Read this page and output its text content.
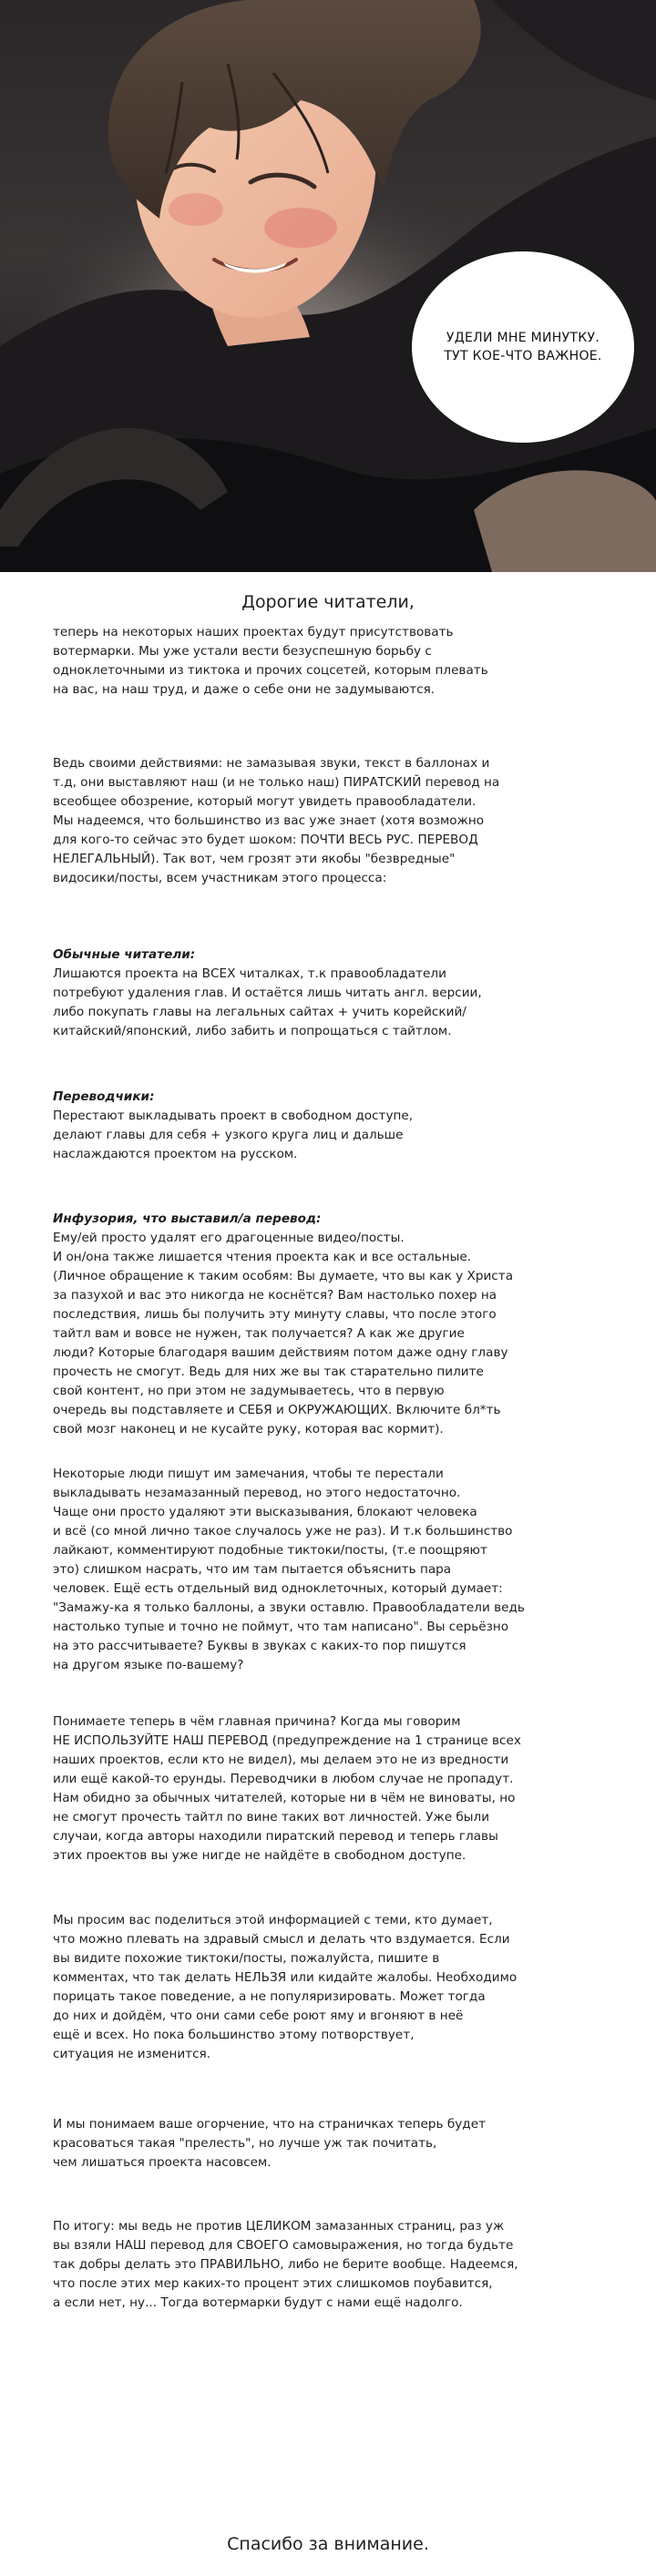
УДЕЛИ МНЕ МИНУТКУ.
ТУТ КОЕ-ЧТО ВАЖНОЕ.
Дорогие читатели,
теперь на некоторых наших проектах будут присутствовать
вотермарки. Мы уже устали вести безуспешную борьбу с
одноклеточными из тиктока и прочих соцсетей, которым плевать
на вас, на наш труд, и даже о себе они не задумываются.
Ведь своими действиями: не замазывая звуки, текст в баллонах и
т.д, они выставляют наш (и не только наш) ПИРАТСКИЙ перевод на
всеобщее обозрение, который могут увидеть правообладатели.
Мы надеемся, что большинство из вас уже знает (хотя возможно
для кого-то сейчас это будет шоком: ПОЧТИ ВЕСЬ РУС. ПЕРЕВОД
НЕЛЕГАЛЬНЫЙ). Так вот, чем грозят эти якобы "безвредные"
видосики/посты, всем участникам этого процесса:
Обычные читатели:
Лишаются проекта на ВСЕХ читалках, т.к правообладатели
потребуют удаления глав. И остаётся лишь читать англ. версии,
либо покупать главы на легальных сайтах + учить корейский/
китайский/японский, либо забить и попрощаться с тайтлом.
Переводчики:
Перестают выкладывать проект в свободном доступе,
делают главы для себя + узкого круга лиц и дальше
наслаждаются проектом на русском.
Инфузория, что выставил/а перевод:
Ему/ей просто удалят его драгоценные видео/посты.
И он/она также лишается чтения проекта как и все остальные.
(Личное обращение к таким особям: Вы думаете, что вы как у Христа
за пазухой и вас это никогда не коснётся? Вам настолько похер на
последствия, лишь бы получить эту минуту славы, что после этого
тайтл вам и вовсе не нужен, так получается? А как же другие
люди? Которые благодаря вашим действиям потом даже одну главу
прочесть не смогут. Ведь для них же вы так старательно пилите
свой контент, но при этом не задумываетесь, что в первую
очередь вы подставляете и СЕБЯ и ОКРУЖАЮЩИХ. Включите бл*ть
свой мозг наконец и не кусайте руку, которая вас кормит).
Некоторые люди пишут им замечания, чтобы те перестали
выкладывать незамазанный перевод, но этого недостаточно.
Чаще они просто удаляют эти высказывания, блокают человека
и всё (со мной лично такое случалось уже не раз). И т.к большинство
лайкают, комментируют подобные тиктоки/посты, (т.е поощряют
это) слишком насрать, что им там пытается объяснить пара
человек. Ещё есть отдельный вид одноклеточных, который думает:
"Замажу-ка я только баллоны, а звуки оставлю. Правообладатели ведь
настолько тупые и точно не поймут, что там написано". Вы серьёзно
на это рассчитываете? Буквы в звуках с каких-то пор пишутся
на другом языке по-вашему?
Понимаете теперь в чём главная причина? Когда мы говорим
НЕ ИСПОЛЬЗУЙТЕ НАШ ПЕРЕВОД (предупреждение на 1 странице всех
наших проектов, если кто не видел), мы делаем это не из вредности
или ещё какой-то ерунды. Переводчики в любом случае не пропадут.
Нам обидно за обычных читателей, которые ни в чём не виноваты, но
не смогут прочесть тайтл по вине таких вот личностей. Уже были
случаи, когда авторы находили пиратский перевод и теперь главы
этих проектов вы уже нигде не найдёте в свободном доступе.
Мы просим вас поделиться этой информацией с теми, кто думает,
что можно плевать на здравый смысл и делать что вздумается. Если
вы видите похожие тиктоки/посты, пожалуйста, пишите в
комментах, что так делать НЕЛЬЗЯ или кидайте жалобы. Необходимо
порицать такое поведение, а не популяризировать. Может тогда
до них и дойдём, что они сами себе роют яму и вгоняют в неё
ещё и всех. Но пока большинство этому потворствует,
ситуация не изменится.
И мы понимаем ваше огорчение, что на страничках теперь будет
красоваться такая "прелесть", но лучше уж так почитать,
чем лишаться проекта насовсем.
По итогу: мы ведь не против ЦЕЛИКОМ замазанных страниц, раз уж
вы взяли НАШ перевод для СВОЕГО самовыражения, но тогда будьте
так добры делать это ПРАВИЛЬНО, либо не берите вообще. Надеемся,
что после этих мер каких-то процент этих слишкомов поубавится,
а если нет, ну... Тогда вотермарки будут с нами ещё надолго.
Спасибо за внимание.
